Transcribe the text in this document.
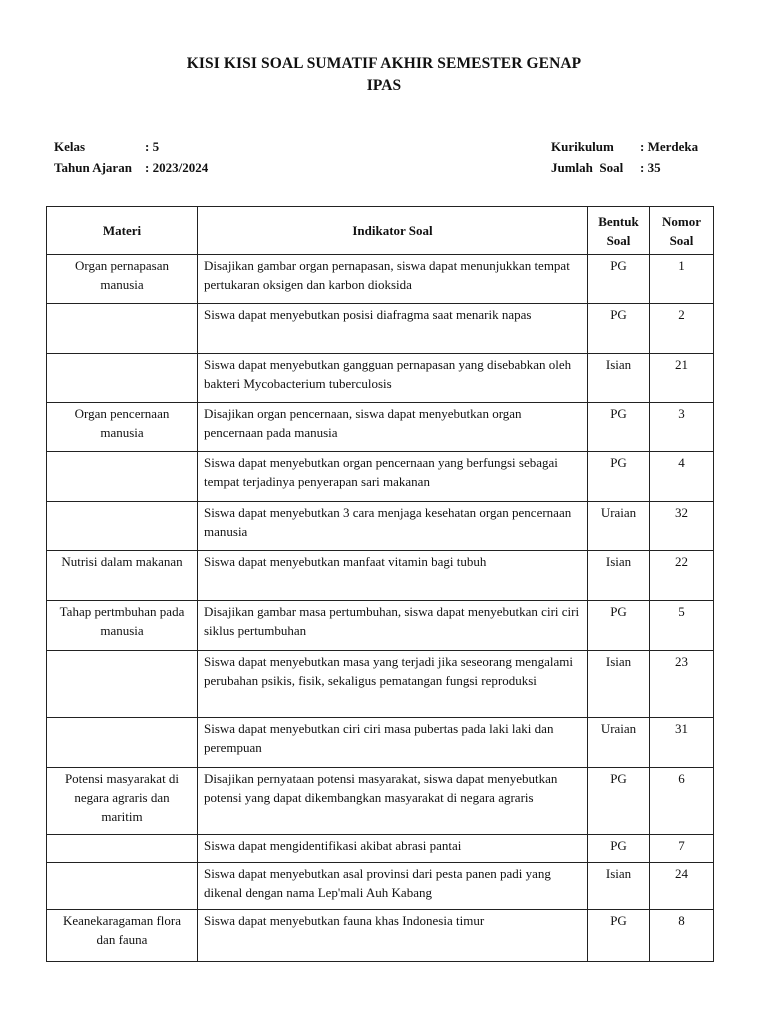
KISI KISI SOAL SUMATIF AKHIR SEMESTER GENAP
IPAS
Kelas	: 5
Tahun Ajaran : 2023/2024
Kurikulum : Merdeka
Jumlah  Soal : 35
Materi	Indikator Soal	Bentuk Soal	Nomor Soal
Organ pernapasan manusia	Disajikan gambar organ pernapasan, siswa dapat menunjukkan tempat pertukaran oksigen dan karbon dioksida	PG	1
	Siswa dapat menyebutkan posisi diafragma saat menarik napas	PG	2
	Siswa dapat menyebutkan gangguan pernapasan yang disebabkan oleh bakteri Mycobacterium tuberculosis	Isian	21
Organ pencernaan manusia	Disajikan organ pencernaan, siswa dapat menyebutkan organ pencernaan pada manusia	PG	3
	Siswa dapat menyebutkan organ pencernaan yang berfungsi sebagai tempat terjadinya penyerapan sari makanan	PG	4
	Siswa dapat menyebutkan 3 cara menjaga kesehatan organ pencernaan manusia	Uraian	32
Nutrisi dalam makanan	Siswa dapat menyebutkan manfaat vitamin bagi tubuh	Isian	22
Tahap pertmbuhan pada manusia	Disajikan gambar masa pertumbuhan, siswa dapat menyebutkan ciri ciri siklus pertumbuhan	PG	5
	Siswa dapat menyebutkan masa yang terjadi jika seseorang mengalami perubahan psikis, fisik, sekaligus pematangan fungsi reproduksi	Isian	23
	Siswa dapat menyebutkan ciri ciri masa pubertas pada laki laki dan perempuan	Uraian	31
Potensi masyarakat di negara agraris dan maritim	Disajikan pernyataan potensi masyarakat, siswa dapat menyebutkan potensi yang dapat dikembangkan masyarakat di negara agraris	PG	6
	Siswa dapat mengidentifikasi akibat abrasi pantai	PG	7
	Siswa dapat menyebutkan asal provinsi dari pesta panen padi yang dikenal dengan nama Lep'mali Auh Kabang	Isian	24
Keanekaragaman flora dan fauna	Siswa dapat menyebutkan fauna khas Indonesia timur	PG	8
